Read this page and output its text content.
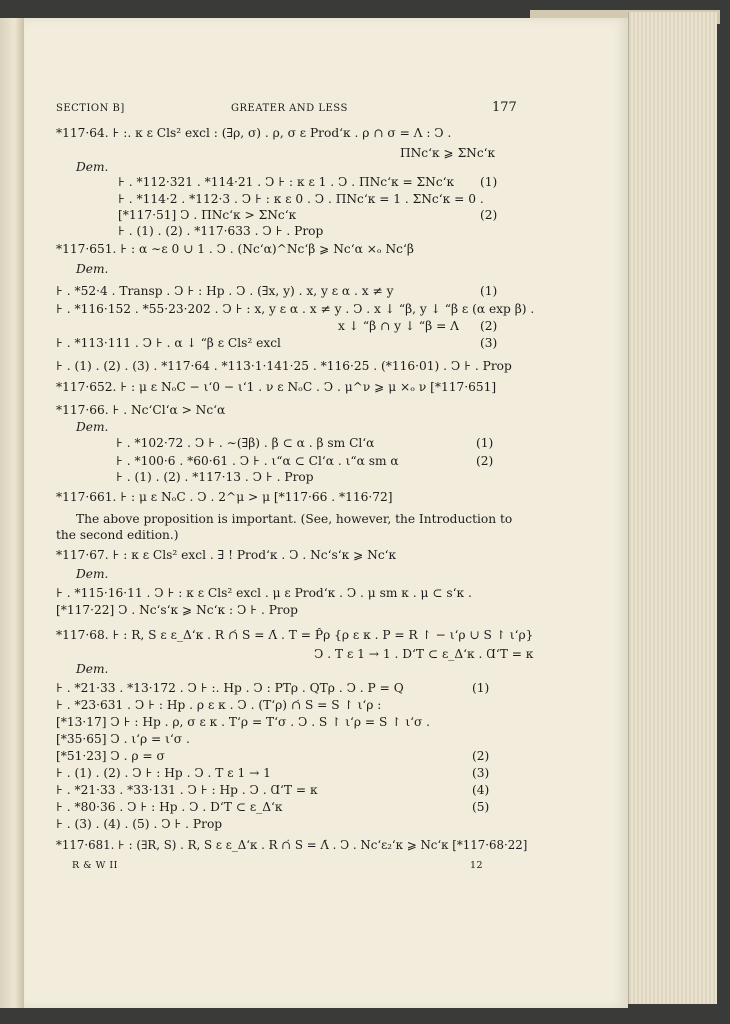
SECTION B]	GREATER AND LESS	177
*117·64. ⊦ :. κ ε Cls² excl : (∃ρ, σ) . ρ, σ ε Prod‘κ . ρ ∩ σ = Λ : Ↄ .
ΠNc‘κ ⩾ ΣNc‘κ
Dem.
⊦ . *112·321 . *114·21 . Ↄ ⊦ : κ ε 1 . Ↄ . ΠNc‘κ = ΣNc‘κ (1)
⊦ . *114·2 . *112·3 . Ↄ ⊦ : κ ε 0 . Ↄ . ΠNc‘κ = 1 . ΣNc‘κ = 0 .
[*117·51] Ↄ . ΠNc‘κ > ΣNc‘κ	(2)
⊦ . (1) . (2) . *117·633 . Ↄ ⊦ . Prop
*117·651. ⊦ : α ∼ε 0 ∪ 1 . Ↄ . (Nc‘α)^Nc‘β ⩾ Nc‘α ×ₒ Nc‘β
Dem.
⊦ . *52·4 . Transp . Ↄ ⊦ : Hp . Ↄ . (∃x, y) . x, y ε α . x ≠ y	(1)
⊦ . *116·152 . *55·23·202 . Ↄ ⊦ : x, y ε α . x ≠ y . Ↄ . x ↓ “β, y ↓ “β ε (α exp β) .
x ↓ “β ∩ y ↓ “β = Λ (2)
⊦ . *113·111 . Ↄ ⊦ . α ↓ “β ε Cls² excl	(3)
⊦ . (1) . (2) . (3) . *117·64 . *113·1·141·25 . *116·25 . (*116·01) . Ↄ ⊦ . Prop
*117·652. ⊦ : μ ε NₒC − ι‘0 − ι‘1 . ν ε NₒC . Ↄ . μ^ν ⩾ μ ×ₒ ν [*117·651]
*117·66. ⊦ . Nc‘Cl‘α > Nc‘α
Dem.
⊦ . *102·72 . Ↄ ⊦ . ∼(∃β) . β ⊂ α . β sm Cl‘α	(1)
⊦ . *100·6 . *60·61 . Ↄ ⊦ . ι“α ⊂ Cl‘α . ι“α sm α	(2)
⊦ . (1) . (2) . *117·13 . Ↄ ⊦ . Prop
*117·661. ⊦ : μ ε NₒC . Ↄ . 2^μ > μ [*117·66 . *116·72]
The above proposition is important. (See, however, the Introduction to
the second edition.)
*117·67. ⊦ : κ ε Cls² excl . ∃ ! Prod‘κ . Ↄ . Nc‘s‘κ ⩾ Nc‘κ
Dem.
⊦ . *115·16·11 . Ↄ ⊦ : κ ε Cls² excl . μ ε Prod‘κ . Ↄ . μ sm κ . μ ⊂ s‘κ .
[*117·22] Ↄ . Nc‘s‘κ ⩾ Nc‘κ : Ↄ ⊦ . Prop
*117·68. ⊦ : R, S ε ε_Δ‘κ . R ∩̇ S = Λ̇ . T = P̂ρ {ρ ε κ . P = R ↾ − ι‘ρ ∪ S ↾ ι‘ρ}
Ↄ . T ε 1 → 1 . D‘T ⊂ ε_Δ‘κ . Ɑ‘T = κ
Dem.
⊦ . *21·33 . *13·172 . Ↄ ⊦ :. Hp . Ↄ : PTρ . QTρ . Ↄ . P = Q	(1)
⊦ . *23·631 . Ↄ ⊦ : Hp . ρ ε κ . Ↄ . (T‘ρ) ∩̇ S = S ↾ ι‘ρ :
[*13·17] Ↄ ⊦ : Hp . ρ, σ ε κ . T‘ρ = T‘σ . Ↄ . S ↾ ι‘ρ = S ↾ ι‘σ .
[*35·65] Ↄ . ι‘ρ = ι‘σ .
[*51·23] Ↄ . ρ = σ	(2)
⊦ . (1) . (2) . Ↄ ⊦ : Hp . Ↄ . T ε 1 → 1	(3)
⊦ . *21·33 . *33·131 . Ↄ ⊦ : Hp . Ↄ . Ɑ‘T = κ	(4)
⊦ . *80·36 . Ↄ ⊦ : Hp . Ↄ . D‘T ⊂ ε_Δ‘κ	(5)
⊦ . (3) . (4) . (5) . Ↄ ⊦ . Prop
*117·681. ⊦ : (∃R, S) . R, S ε ε_Δ‘κ . R ∩̇ S = Λ̇ . Ↄ . Nc‘ε₂‘κ ⩾ Nc‘κ [*117·68·22]
R & W II	12
